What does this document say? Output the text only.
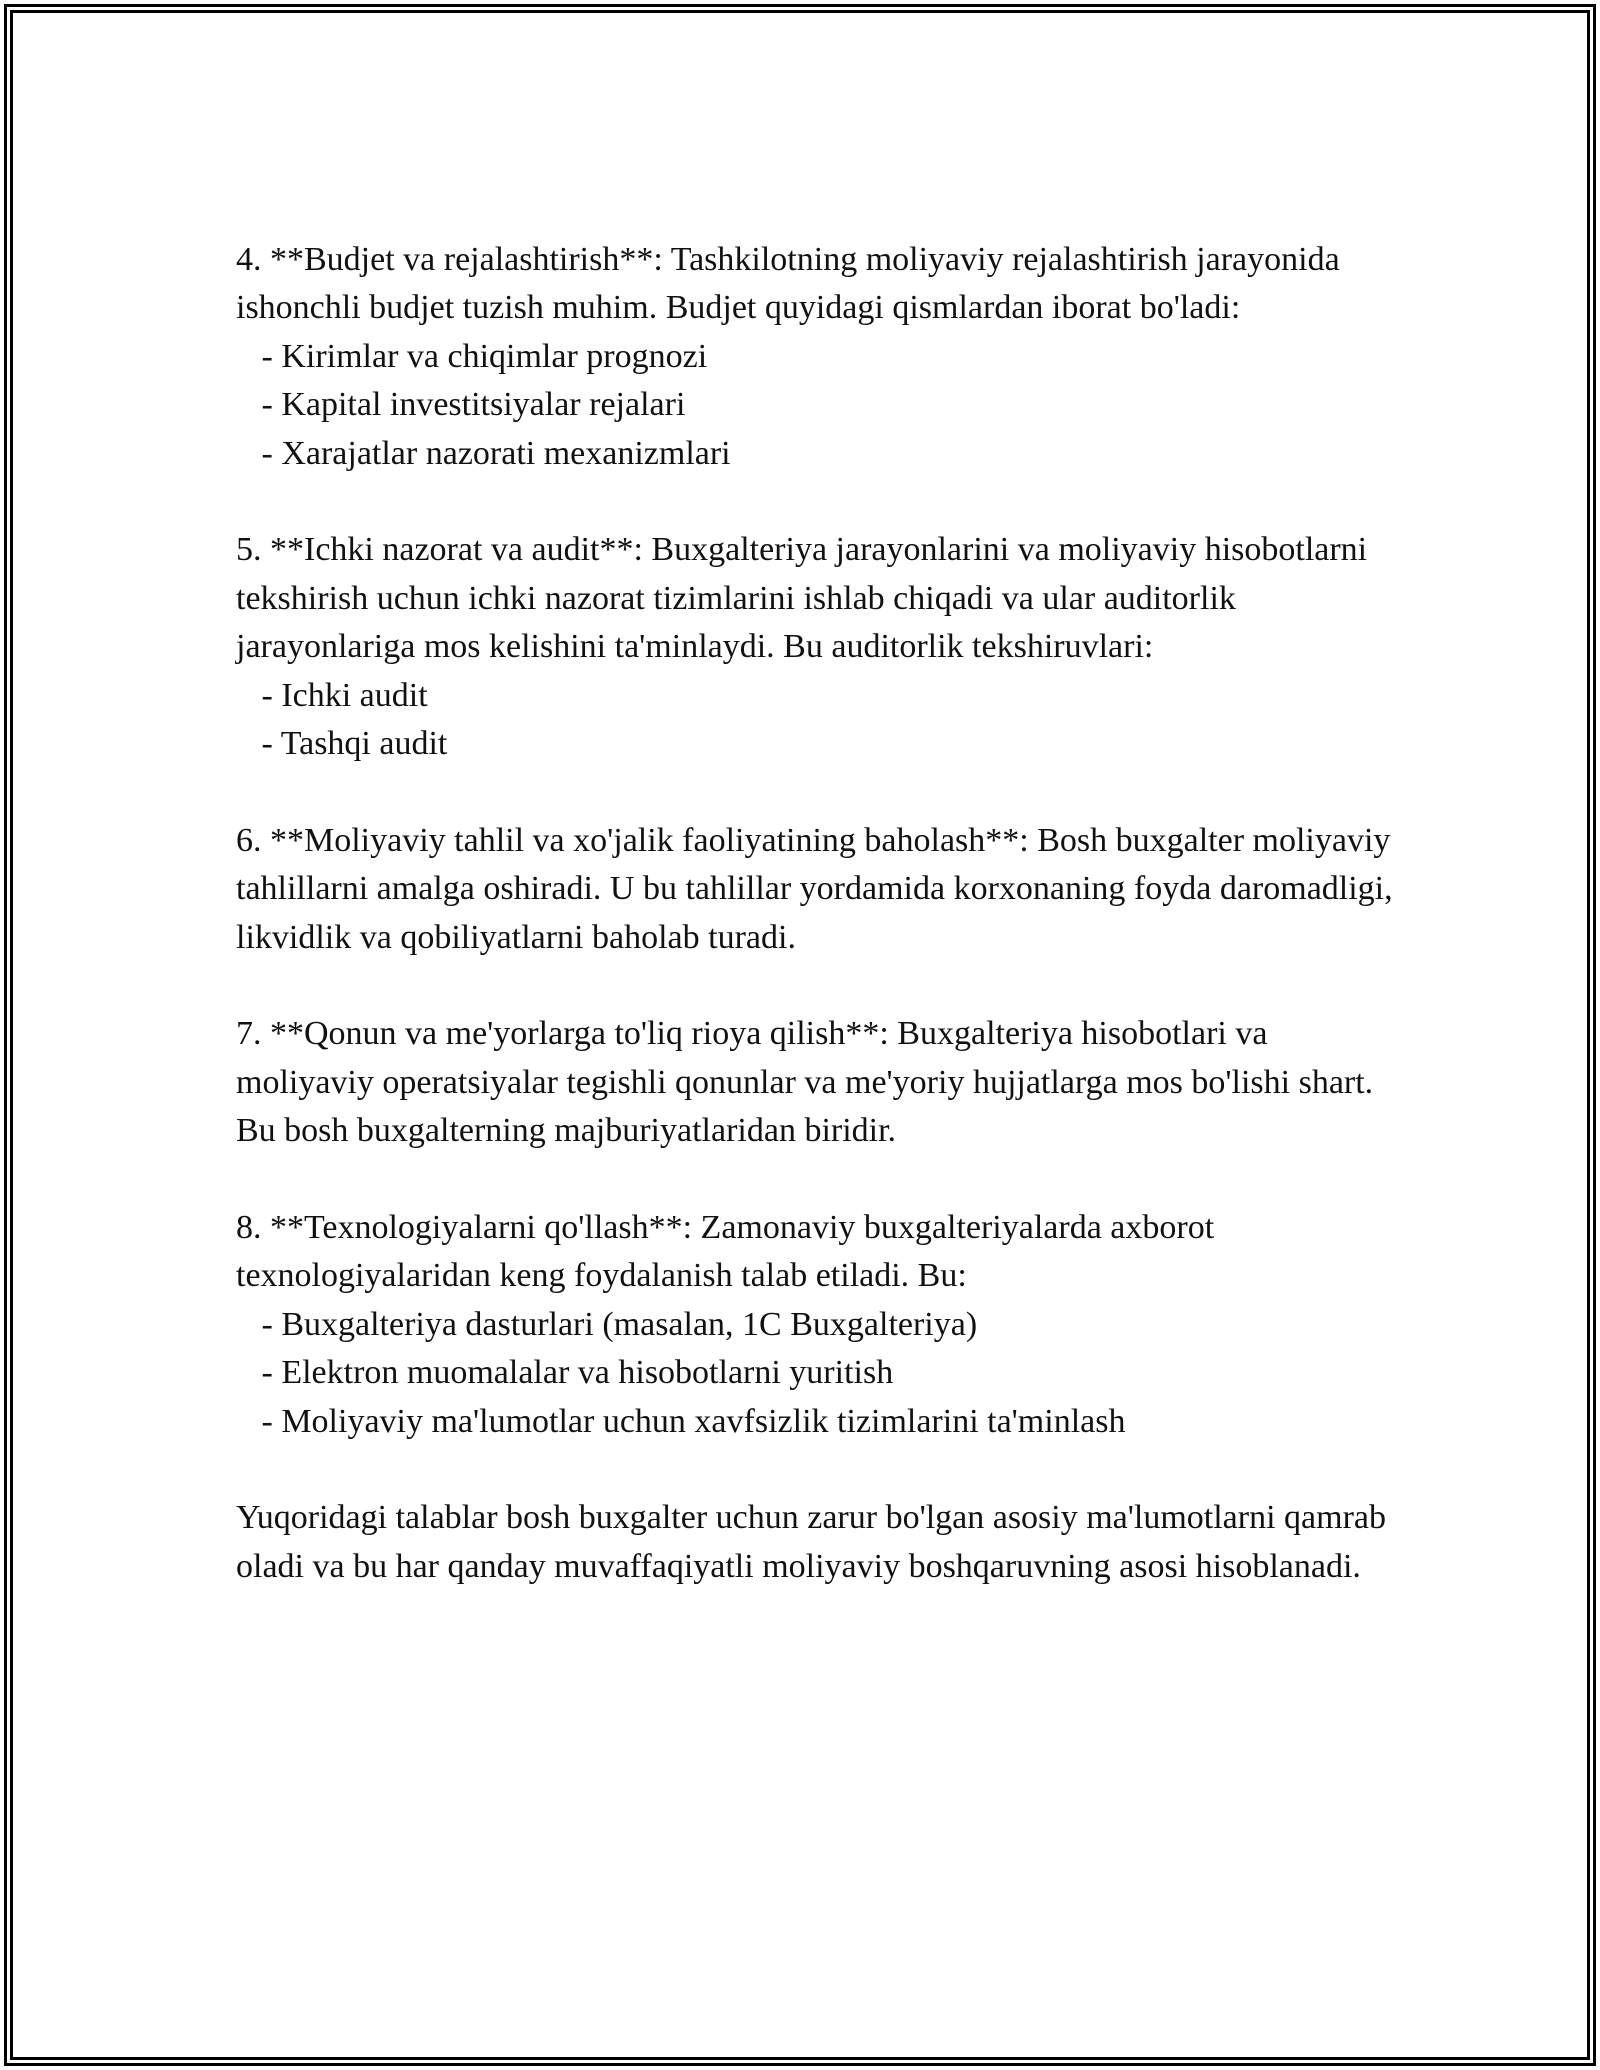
4. **Budjet va rejalashtirish**: Tashkilotning moliyaviy rejalashtirish jarayonida ishonchli budjet tuzish muhim. Budjet quyidagi qismlardan iborat bo'ladi:

- Kirimlar va chiqimlar prognozi

- Kapital investitsiyalar rejalari

- Xarajatlar nazorati mexanizmlari

5. **Ichki nazorat va audit**: Buxgalteriya jarayonlarini va moliyaviy hisobotlarni tekshirish uchun ichki nazorat tizimlarini ishlab chiqadi va ular auditorlik jarayonlariga mos kelishini ta'minlaydi. Bu auditorlik tekshiruvlari:

- Ichki audit

- Tashqi audit

6. **Moliyaviy tahlil va xo'jalik faoliyatining baholash**: Bosh buxgalter moliyaviy tahlillarni amalga oshiradi. U bu tahlillar yordamida korxonaning foyda daromadligi, likvidlik va qobiliyatlarni baholab turadi.

7. **Qonun va me'yorlarga to'liq rioya qilish**: Buxgalteriya hisobotlari va moliyaviy operatsiyalar tegishli qonunlar va me'yoriy hujjatlarga mos bo'lishi shart. Bu bosh buxgalterning majburiyatlaridan biridir.

8. **Texnologiyalarni qo'llash**: Zamonaviy buxgalteriyalarda axborot texnologiyalaridan keng foydalanish talab etiladi. Bu:

- Buxgalteriya dasturlari (masalan, 1C Buxgalteriya)

- Elektron muomalalar va hisobotlarni yuritish

- Moliyaviy ma'lumotlar uchun xavfsizlik tizimlarini ta'minlash

Yuqoridagi talablar bosh buxgalter uchun zarur bo'lgan asosiy ma'lumotlarni qamrab oladi va bu har qanday muvaffaqiyatli moliyaviy boshqaruvning asosi hisoblanadi.
